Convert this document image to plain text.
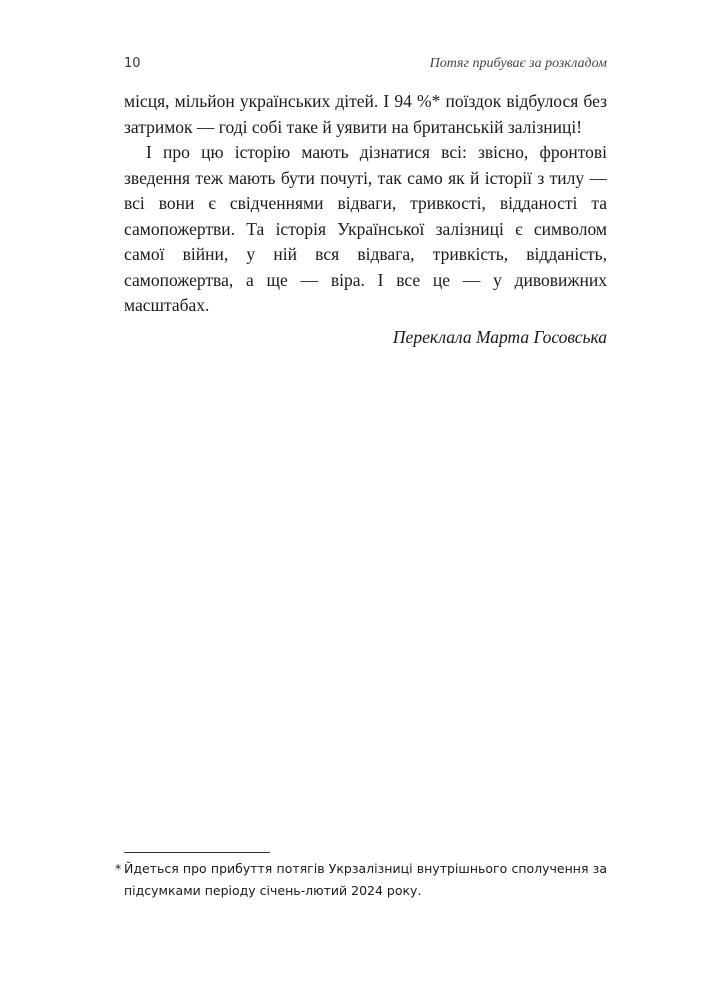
10	Потяг прибуває за розкладом

місця, мільйон українських дітей. І 94 %* поїздок відбулося без затримок — годі собі таке й уявити на британській залізниці!

І про цю історію мають дізнатися всі: звісно, фронтові зведення теж мають бути почуті, так само як й історії з тилу — всі вони є свідченнями відваги, тривкості, відданості та самопожертви. Та історія Української залізниці є символом самої війни, у ній вся відвага, тривкість, відданість, самопожертва, а ще — віра. І все це — у дивовижних масштабах.

Переклала Марта Госовська
* Йдеться про прибуття потягів Укрзалізниці внутрішнього сполучення за підсумками періоду січень-лютий 2024 року.
